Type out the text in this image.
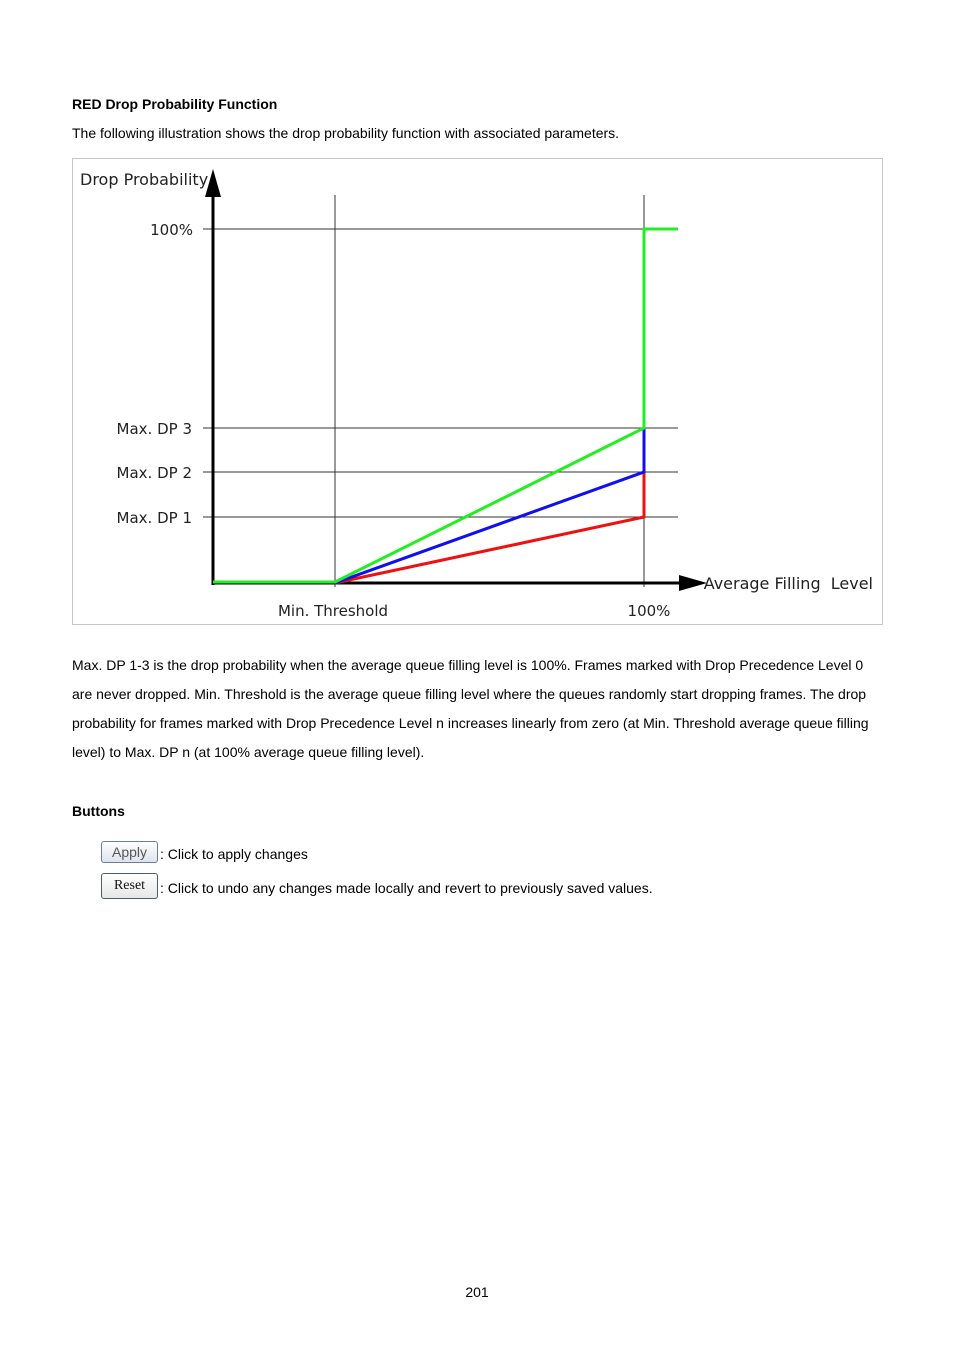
RED Drop Probability Function
The following illustration shows the drop probability function with associated parameters.
Drop Probability
100%
Max. DP 3
Max. DP 2
Max. DP 1
Min. Threshold	100%
Average Filling  Level
Max. DP 1-3 is the drop probability when the average queue filling level is 100%. Frames marked with Drop Precedence Level 0 are never dropped. Min. Threshold is the average queue filling level where the queues randomly start dropping frames. The drop probability for frames marked with Drop Precedence Level n increases linearly from zero (at Min. Threshold average queue filling level) to Max. DP n (at 100% average queue filling level).
Buttons
Apply : Click to apply changes
Reset	: Click to undo any changes made locally and revert to previously saved values.
201
